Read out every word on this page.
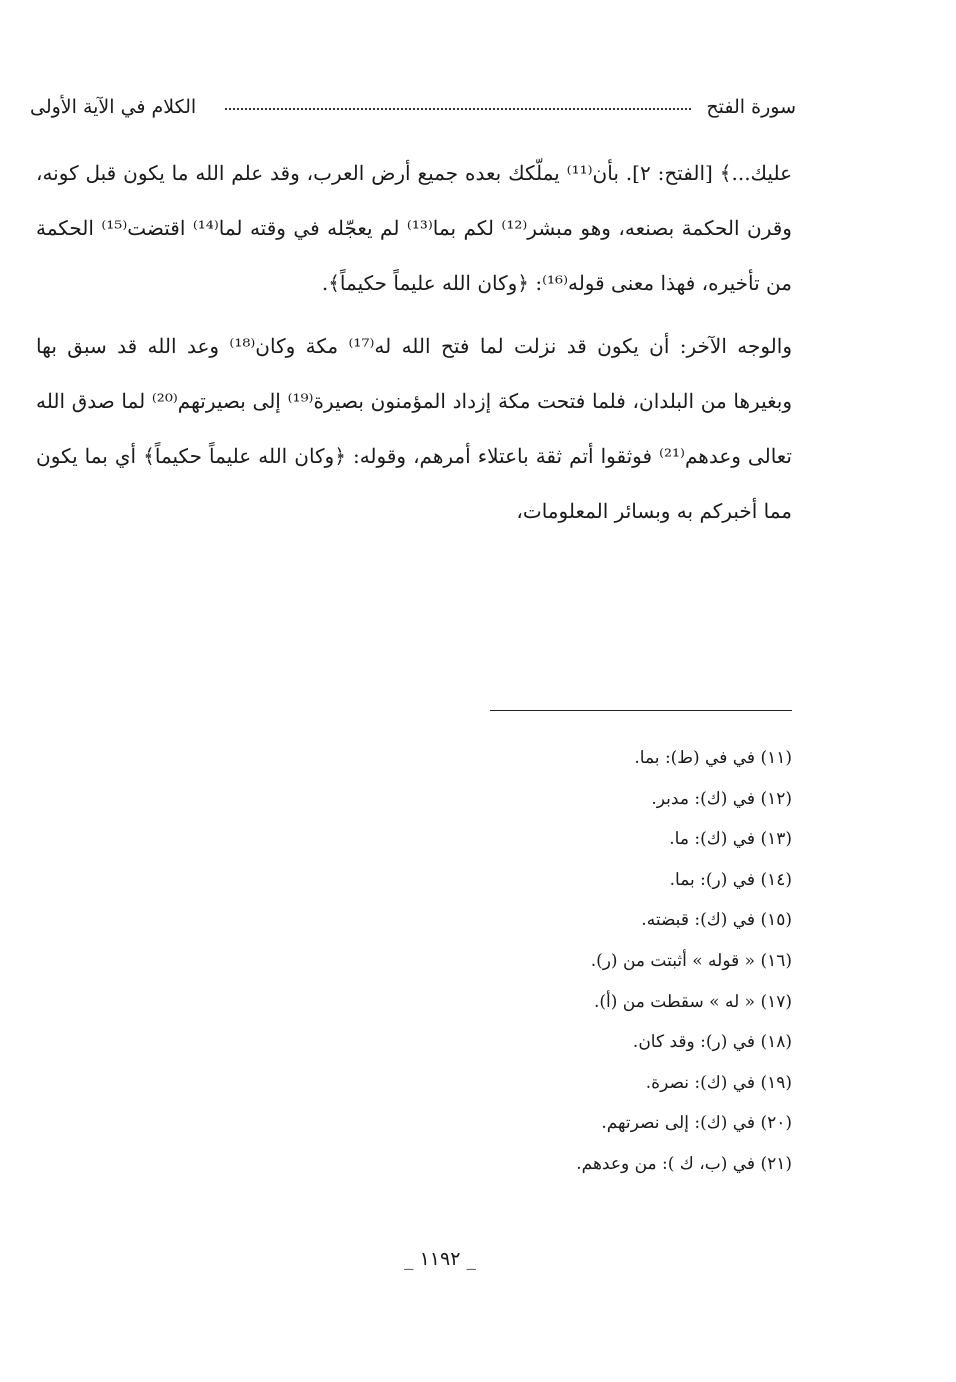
سورة الفتح
الكلام في الآية الأولى

عليك...﴾ [الفتح: ٢]. بأن⁽¹¹⁾ يملّكك بعده جميع أرض العرب، وقد علم الله ما يكون قبل كونه، وقرن الحكمة بصنعه، وهو مبشر⁽¹²⁾ لكم بما⁽¹³⁾ لم يعجّله في وقته لما⁽¹⁴⁾ اقتضت⁽¹⁵⁾ الحكمة من تأخيره، فهذا معنى قوله⁽¹⁶⁾: ﴿وكان الله عليماً حكيماً﴾.

والوجه الآخر: أن يكون قد نزلت لما فتح الله له⁽¹⁷⁾ مكة وكان⁽¹⁸⁾ وعد الله قد سبق بها وبغيرها من البلدان، فلما فتحت مكة إزداد المؤمنون بصيرة⁽¹⁹⁾ إلى بصيرتهم⁽²⁰⁾ لما صدق الله تعالى وعدهم⁽²¹⁾ فوثقوا أتم ثقة باعتلاء أمرهم، وقوله: ﴿وكان الله عليماً حكيماً﴾ أي بما يكون مما أخبركم به وبسائر المعلومات،

(١١) في في (ط): بما.
(١٢) في (ك): مدبر.
(١٣) في (ك): ما.
(١٤) في (ر): بما.
(١٥) في (ك): قبضته.
(١٦) « قوله » أثبتت من (ر).
(١٧) « له » سقطت من (أ).
(١٨) في (ر): وقد كان.
(١٩) في (ك): نصرة.
(٢٠) في (ك): إلى نصرتهم.
(٢١) في (ب، ك ): من وعدهم.
_ ١١٩٢ _
